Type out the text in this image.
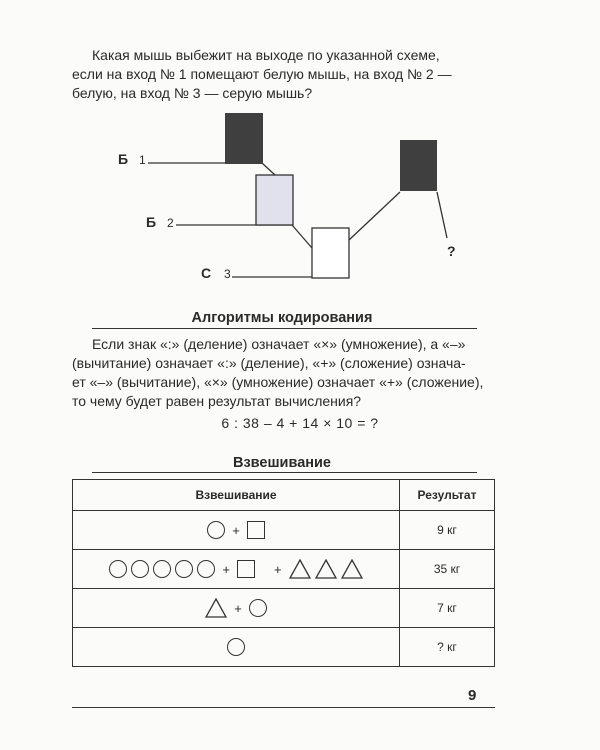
Какая мышь выбежит на выходе по указанной схеме,

если на вход № 1 помещают белую мышь, на вход № 2 —

белую, на вход № 3 — серую мышь?

Б 1
Б 2
С 3
?
Алгоритмы кодирования

Если знак «:» (деление) означает «×» (умножение), а «–»

(вычитание) означает «:» (деление), «+» (сложение) означа-

ет «–» (вычитание), «×» (умножение) означает «+» (сложение),

то чему будет равен результат вычисления?

6 : 38 – 4 + 14 × 10 = ?
Взвешивание
Взвешивание	Результат

+	9 кг

+ +	35 кг

+	7 кг

	? кг
9
